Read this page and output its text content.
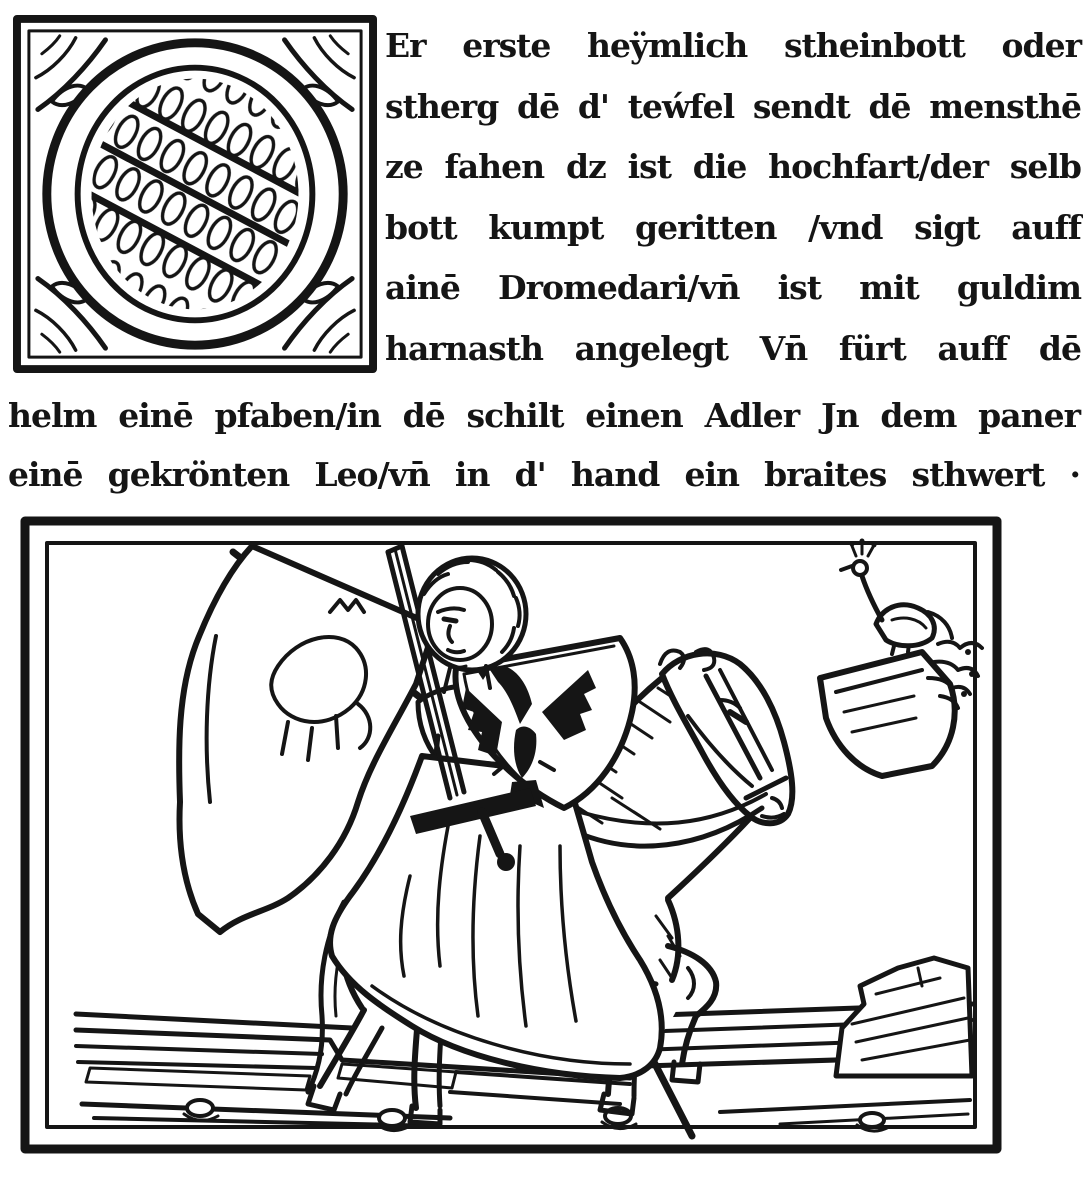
Er erste heÿmlich stheinbott oder
stherg dē d' teẃfel sendt dē mensthē
ze fahen dz ist die hochfart/der selb
bott kumpt geritten /vnd sigt auff
ainē Dromedari/vn̄ ist mit guldim
harnasth angelegt Vn̄ fürt auff dē
helm einē pfaben/in dē schilt einen Adler Jn dem paner
einē gekrönten Leo/vn̄ in d' hand ein braites sthwert ·
